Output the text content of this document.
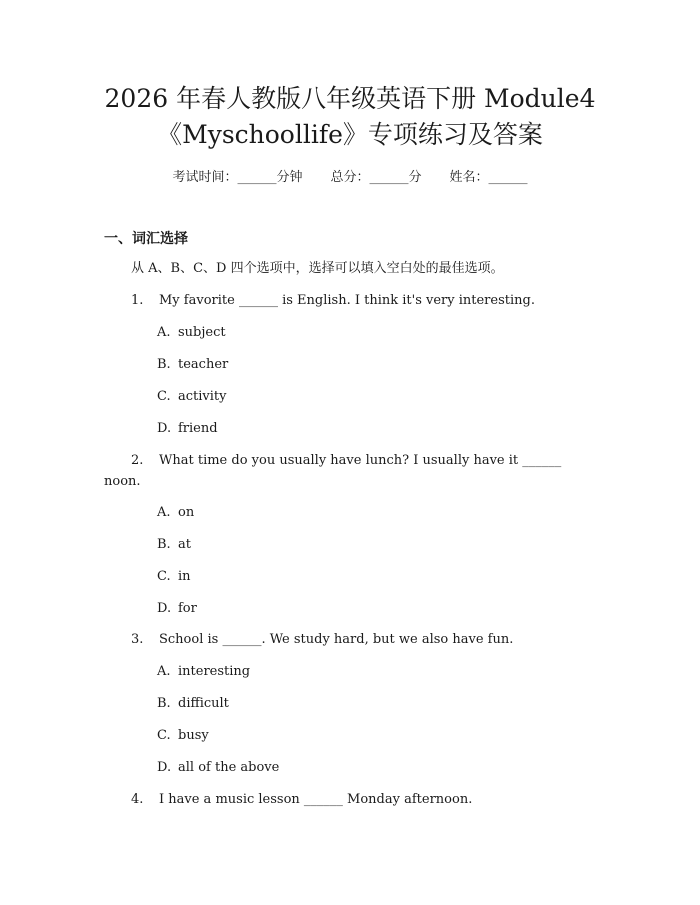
2026 年春人教版八年级英语下册 Module4
《Myschoollife》专项练习及答案
考试时间：______分钟 总分：______分 姓名：______
一、词汇选择
从 A、B、C、D 四个选项中，选择可以填入空白处的最佳选项。
1. My favorite ______ is English. I think it's very interesting.
A. subject
B. teacher
C. activity
D. friend
2. What time do you usually have lunch? I usually have it ______
noon.
A. on
B. at
C. in
D. for
3. School is ______. We study hard, but we also have fun.
A. interesting
B. difficult
C. busy
D. all of the above
4. I have a music lesson ______ Monday afternoon.
